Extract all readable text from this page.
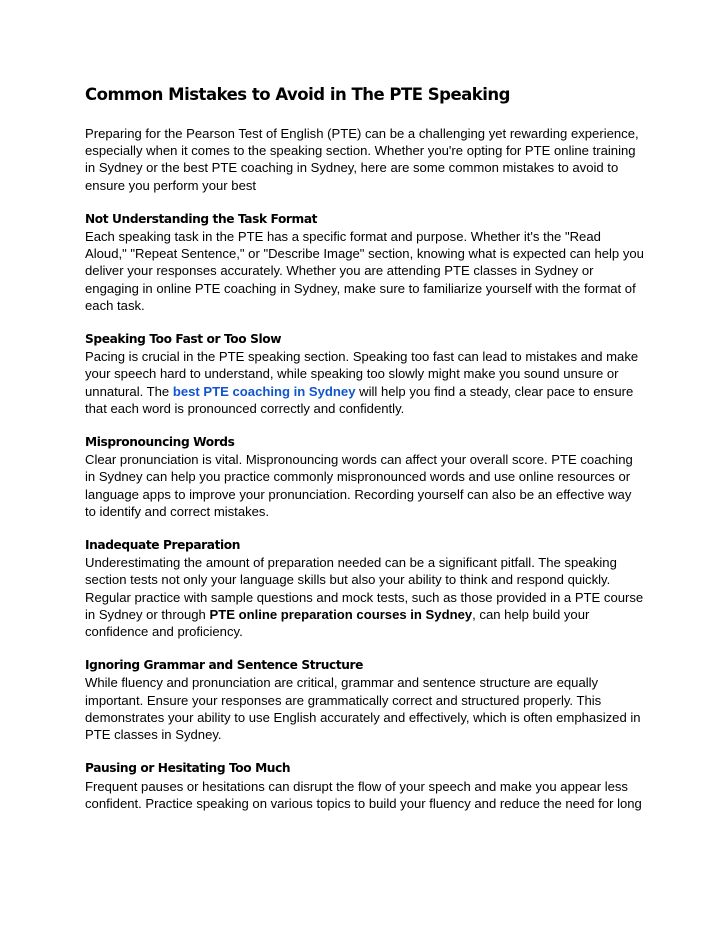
Common Mistakes to Avoid in The PTE Speaking

Preparing for the Pearson Test of English (PTE) can be a challenging yet rewarding experience, especially when it comes to the speaking section. Whether you're opting for PTE online training in Sydney or the best PTE coaching in Sydney, here are some common mistakes to avoid to ensure you perform your best

Not Understanding the Task Format

Each speaking task in the PTE has a specific format and purpose. Whether it's the "Read Aloud," "Repeat Sentence," or "Describe Image" section, knowing what is expected can help you deliver your responses accurately. Whether you are attending PTE classes in Sydney or engaging in online PTE coaching in Sydney, make sure to familiarize yourself with the format of each task.

Speaking Too Fast or Too Slow

Pacing is crucial in the PTE speaking section. Speaking too fast can lead to mistakes and make your speech hard to understand, while speaking too slowly might make you sound unsure or unnatural. The best PTE coaching in Sydney will help you find a steady, clear pace to ensure that each word is pronounced correctly and confidently.

Mispronouncing Words

Clear pronunciation is vital. Mispronouncing words can affect your overall score. PTE coaching in Sydney can help you practice commonly mispronounced words and use online resources or language apps to improve your pronunciation. Recording yourself can also be an effective way to identify and correct mistakes.

Inadequate Preparation

Underestimating the amount of preparation needed can be a significant pitfall. The speaking section tests not only your language skills but also your ability to think and respond quickly. Regular practice with sample questions and mock tests, such as those provided in a PTE course in Sydney or through PTE online preparation courses in Sydney, can help build your confidence and proficiency.

Ignoring Grammar and Sentence Structure

While fluency and pronunciation are critical, grammar and sentence structure are equally important. Ensure your responses are grammatically correct and structured properly. This demonstrates your ability to use English accurately and effectively, which is often emphasized in PTE classes in Sydney.

Pausing or Hesitating Too Much

Frequent pauses or hesitations can disrupt the flow of your speech and make you appear less confident. Practice speaking on various topics to build your fluency and reduce the need for long
